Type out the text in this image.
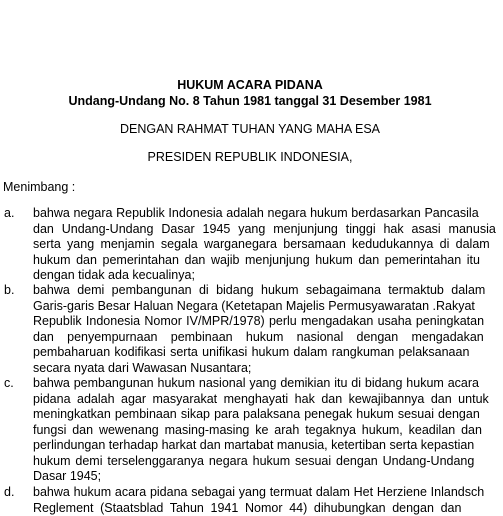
HUKUM ACARA PIDANA
Undang-Undang No. 8 Tahun 1981 tanggal 31 Desember 1981
DENGAN RAHMAT TUHAN YANG MAHA ESA
PRESIDEN REPUBLIK INDONESIA,
Menimbang :
a. bahwa negara Republik Indonesia adalah negara hukum berdasarkan Pancasila
dan Undang-Undang Dasar 1945 yang menjunjung tinggi hak asasi manusia
serta yang menjamin segala warganegara bersamaan kedudukannya di dalam
hukum dan pemerintahan dan wajib menjunjung hukum dan pemerintahan itu
dengan tidak ada kecualinya;
b. bahwa demi pembangunan di bidang hukum sebagaimana termaktub dalam
Garis-garis Besar Haluan Negara (Ketetapan Majelis Permusyawaratan .Rakyat
Republik Indonesia Nomor IV/MPR/1978) perlu mengadakan usaha peningkatan
dan penyempurnaan pembinaan hukum nasional dengan mengadakan
pembaharuan kodifikasi serta unifikasi hukum dalam rangkuman pelaksanaan
secara nyata dari Wawasan Nusantara;
c. bahwa pembangunan hukum nasional yang demikian itu di bidang hukum acara
pidana adalah agar masyarakat menghayati hak dan kewajibannya dan untuk
meningkatkan pembinaan sikap para palaksana penegak hukum sesuai dengan
fungsi dan wewenang masing-masing ke arah tegaknya hukum, keadilan dan
perlindungan terhadap harkat dan martabat manusia, ketertiban serta kepastian
hukum demi terselenggaranya negara hukum sesuai dengan Undang-Undang
Dasar 1945;
d. bahwa hukum acara pidana sebagai yang termuat dalam Het Herziene Inlandsch
Reglement (Staatsblad Tahun 1941 Nomor 44) dihubungkan dengan dan
